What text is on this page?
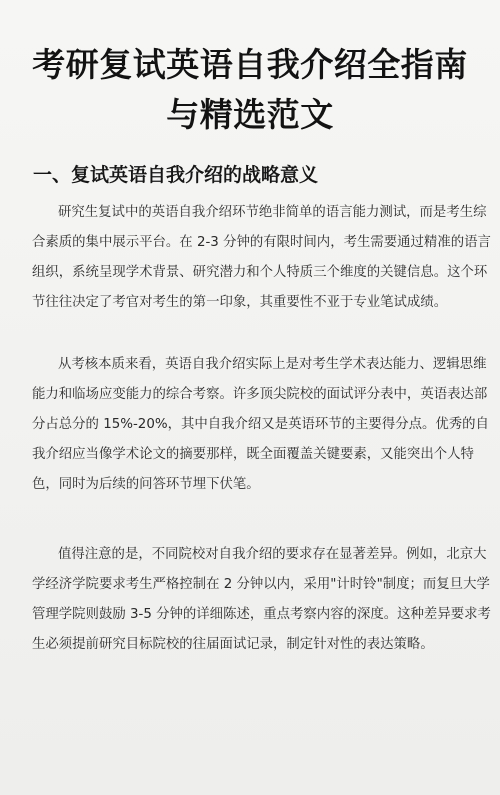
考研复试英语自我介绍全指南
与精选范文
一、复试英语自我介绍的战略意义
研究生复试中的英语自我介绍环节绝非简单的语言能力测试，而是考生综
合素质的集中展示平台。在 2-3 分钟的有限时间内，考生需要通过精准的语言
组织，系统呈现学术背景、研究潜力和个人特质三个维度的关键信息。这个环
节往往决定了考官对考生的第一印象，其重要性不亚于专业笔试成绩。
从考核本质来看，英语自我介绍实际上是对考生学术表达能力、逻辑思维
能力和临场应变能力的综合考察。许多顶尖院校的面试评分表中，英语表达部
分占总分的 15%-20%，其中自我介绍又是英语环节的主要得分点。优秀的自
我介绍应当像学术论文的摘要那样，既全面覆盖关键要素，又能突出个人特
色，同时为后续的问答环节埋下伏笔。
值得注意的是，不同院校对自我介绍的要求存在显著差异。例如，北京大
学经济学院要求考生严格控制在 2 分钟以内，采用"计时铃"制度；而复旦大学
管理学院则鼓励 3-5 分钟的详细陈述，重点考察内容的深度。这种差异要求考
生必须提前研究目标院校的往届面试记录，制定针对性的表达策略。
